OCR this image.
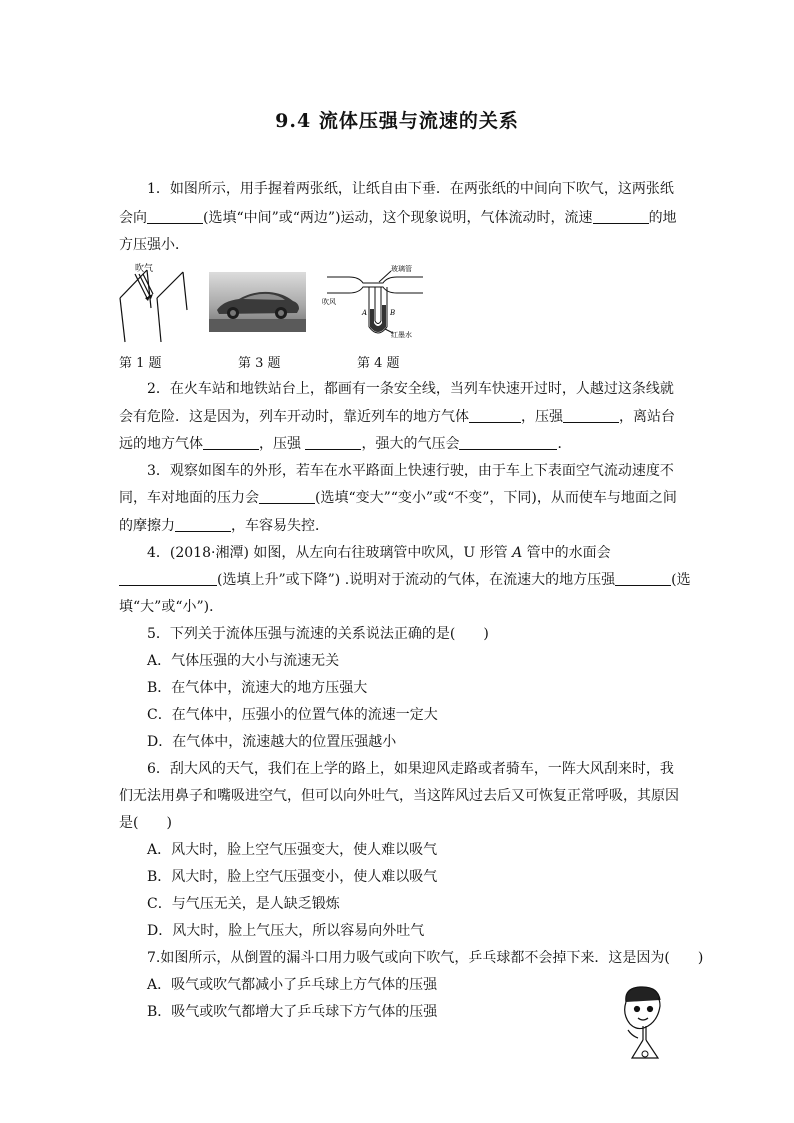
9.4 流体压强与流速的关系
1．如图所示，用手握着两张纸，让纸自由下垂．在两张纸的中间向下吹气，这两张纸
会向	(选填“中间”或“两边”)运动，这个现象说明，气体流动时，流速	的地
方压强小．
吹气	玻璃管
吹风
A	B
红墨水
第 1 题	第 3 题	第 4 题
2．在火车站和地铁站台上，都画有一条安全线，当列车快速开过时，人越过这条线就
会有危险．这是因为，列车开动时，靠近列车的地方气体	，压强	，离站台
远的地方气体	，压强	，强大的气压会	．
3．观察如图车的外形，若车在水平路面上快速行驶，由于车上下表面空气流动速度不
同，车对地面的压力会	(选填“变大”“变小”或“不变”，下同)，从而使车与地面之间
的摩擦力	，车容易失控．
4．(2018·湘潭) 如图，从左向右往玻璃管中吹风，U 形管 A 管中的水面会
(选填上升”或下降”) .说明对于流动的气体，在流速大的地方压强	(选
填“大”或“小”)．
5．下列关于流体压强与流速的关系说法正确的是(　　)
A．气体压强的大小与流速无关
B．在气体中，流速大的地方压强大
C．在气体中，压强小的位置气体的流速一定大
D．在气体中，流速越大的位置压强越小
6．刮大风的天气，我们在上学的路上，如果迎风走路或者骑车，一阵大风刮来时，我
们无法用鼻子和嘴吸进空气，但可以向外吐气，当这阵风过去后又可恢复正常呼吸，其原因
是(　　)
A．风大时，脸上空气压强变大，使人难以吸气
B．风大时，脸上空气压强变小，使人难以吸气
C．与气压无关，是人缺乏锻炼
D．风大时，脸上气压大，所以容易向外吐气
7.如图所示，从倒置的漏斗口用力吸气或向下吹气，乒乓球都不会掉下来．这是因为(　　)
A．吸气或吹气都减小了乒乓球上方气体的压强
B．吸气或吹气都增大了乒乓球下方气体的压强
